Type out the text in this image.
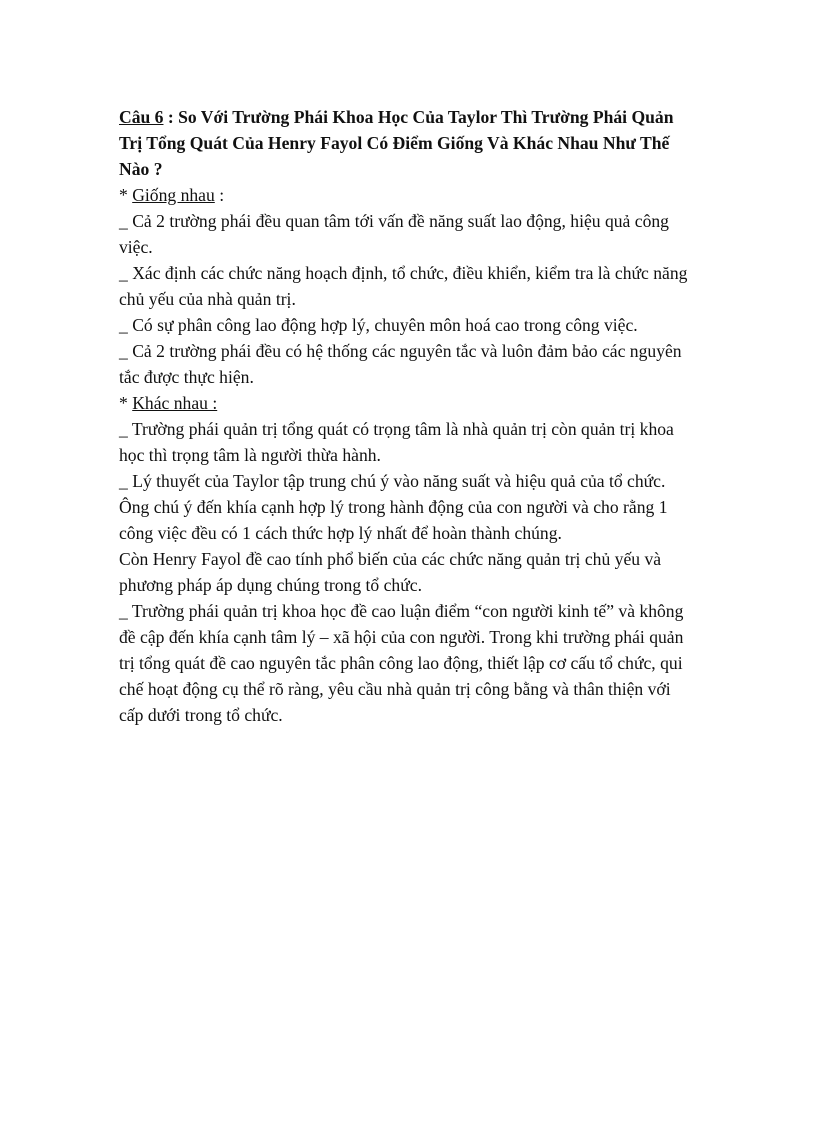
Câu 6 : So Với Trường Phái Khoa Học Của Taylor Thì Trường Phái Quản Trị Tổng Quát Của Henry Fayol Có Điểm Giống Và Khác Nhau Như Thế Nào ?

* Giống nhau :

_ Cả 2 trường phái đều quan tâm tới vấn đề năng suất lao động, hiệu quả công việc.

_ Xác định các chức năng hoạch định, tổ chức, điều khiển, kiểm tra là chức năng chủ yếu của nhà quản trị.

_ Có sự phân công lao động hợp lý, chuyên môn hoá cao trong công việc.

_ Cả 2 trường phái đều có hệ thống các nguyên tắc và luôn đảm bảo các nguyên tắc được thực hiện.

* Khác nhau :

_ Trường phái quản trị tổng quát có trọng tâm là nhà quản trị còn quản trị khoa học thì trọng tâm là người thừa hành.

_ Lý thuyết của Taylor tập trung chú ý vào năng suất và hiệu quả của tổ chức. Ông chú ý đến khía cạnh hợp lý trong hành động của con người và cho rằng 1 công việc đều có 1 cách thức hợp lý nhất để hoàn thành chúng.

Còn Henry Fayol đề cao tính phổ biến của các chức năng quản trị chủ yếu và phương pháp áp dụng chúng trong tổ chức.

_ Trường phái quản trị khoa học đề cao luận điểm “con người kinh tế” và không đề cập đến khía cạnh tâm lý – xã hội của con người. Trong khi trường phái quản trị tổng quát đề cao nguyên tắc phân công lao động, thiết lập cơ cấu tổ chức, qui chế hoạt động cụ thể rõ ràng, yêu cầu nhà quản trị công bằng và thân thiện với cấp dưới trong tổ chức.
